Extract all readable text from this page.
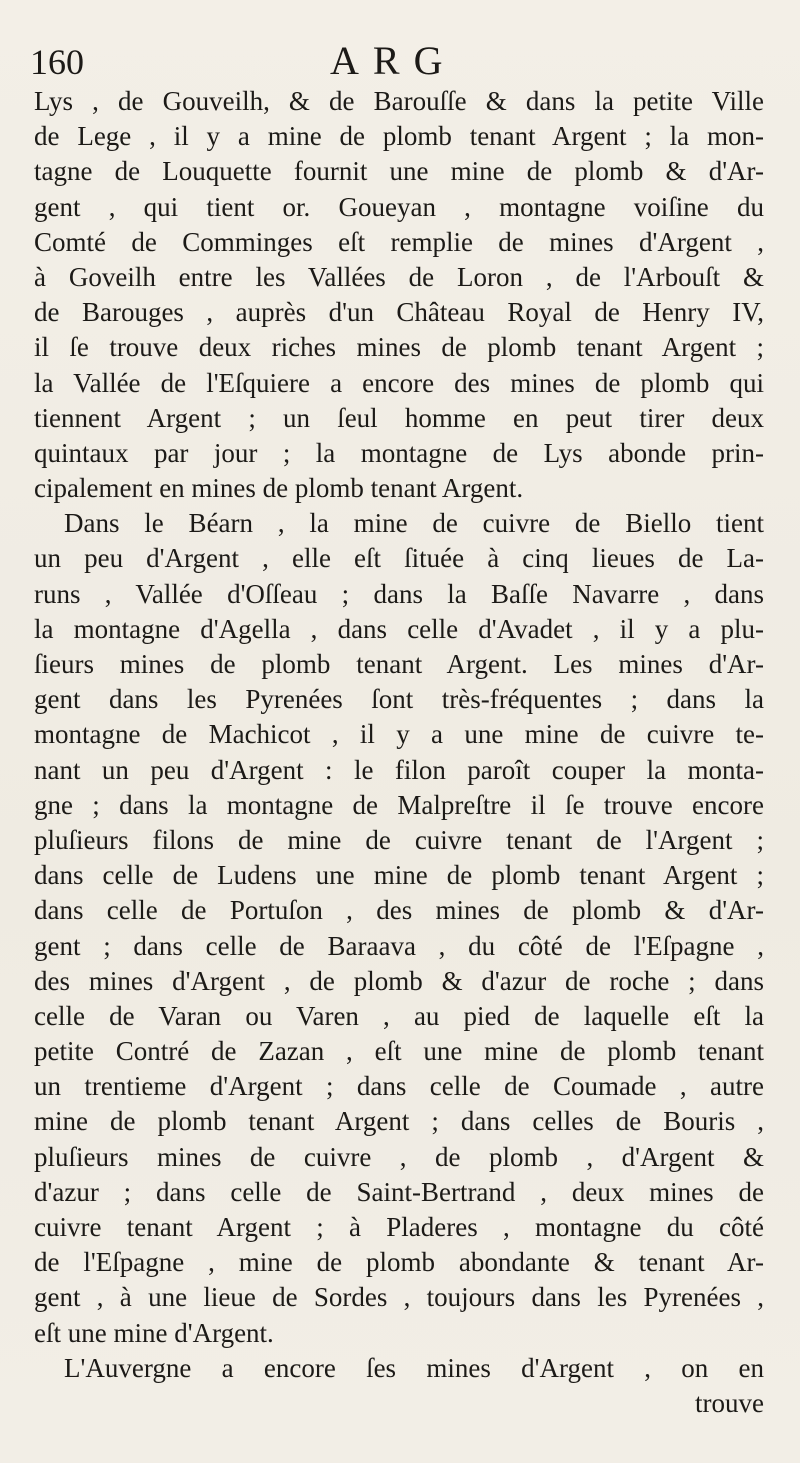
160	ARG
Lys , de Gouveilh, & de Barouſſe & dans la petite Ville
de Lege , il y a mine de plomb tenant Argent ; la mon-
tagne de Louquette fournit une mine de plomb & d'Ar-
gent , qui tient or. Goueyan , montagne voiſine du
Comté de Comminges eſt remplie de mines d'Argent ,
à Goveilh entre les Vallées de Loron , de l'Arbouſt &
de Barouges , auprès d'un Château Royal de Henry IV,
il ſe trouve deux riches mines de plomb tenant Argent ;
la Vallée de l'Eſquiere a encore des mines de plomb qui
tiennent Argent ; un ſeul homme en peut tirer deux
quintaux par jour ; la montagne de Lys abonde prin-
cipalement en mines de plomb tenant Argent.
Dans le Béarn , la mine de cuivre de Biello tient
un peu d'Argent , elle eſt ſituée à cinq lieues de La-
runs , Vallée d'Oſſeau ; dans la Baſſe Navarre , dans
la montagne d'Agella , dans celle d'Avadet , il y a plu-
ſieurs mines de plomb tenant Argent. Les mines d'Ar-
gent dans les Pyrenées ſont très-fréquentes ; dans la
montagne de Machicot , il y a une mine de cuivre te-
nant un peu d'Argent : le filon paroît couper la monta-
gne ; dans la montagne de Malpreſtre il ſe trouve encore
pluſieurs filons de mine de cuivre tenant de l'Argent ;
dans celle de Ludens une mine de plomb tenant Argent ;
dans celle de Portuſon , des mines de plomb & d'Ar-
gent ; dans celle de Baraava , du côté de l'Eſpagne ,
des mines d'Argent , de plomb & d'azur de roche ; dans
celle de Varan ou Varen , au pied de laquelle eſt la
petite Contré de Zazan , eſt une mine de plomb tenant
un trentieme d'Argent ; dans celle de Coumade , autre
mine de plomb tenant Argent ; dans celles de Bouris ,
pluſieurs mines de cuivre , de plomb , d'Argent &
d'azur ; dans celle de Saint-Bertrand , deux mines de
cuivre tenant Argent ; à Pladeres , montagne du côté
de l'Eſpagne , mine de plomb abondante & tenant Ar-
gent , à une lieue de Sordes , toujours dans les Pyrenées ,
eſt une mine d'Argent.
L'Auvergne a encore ſes mines d'Argent , on en
trouve
